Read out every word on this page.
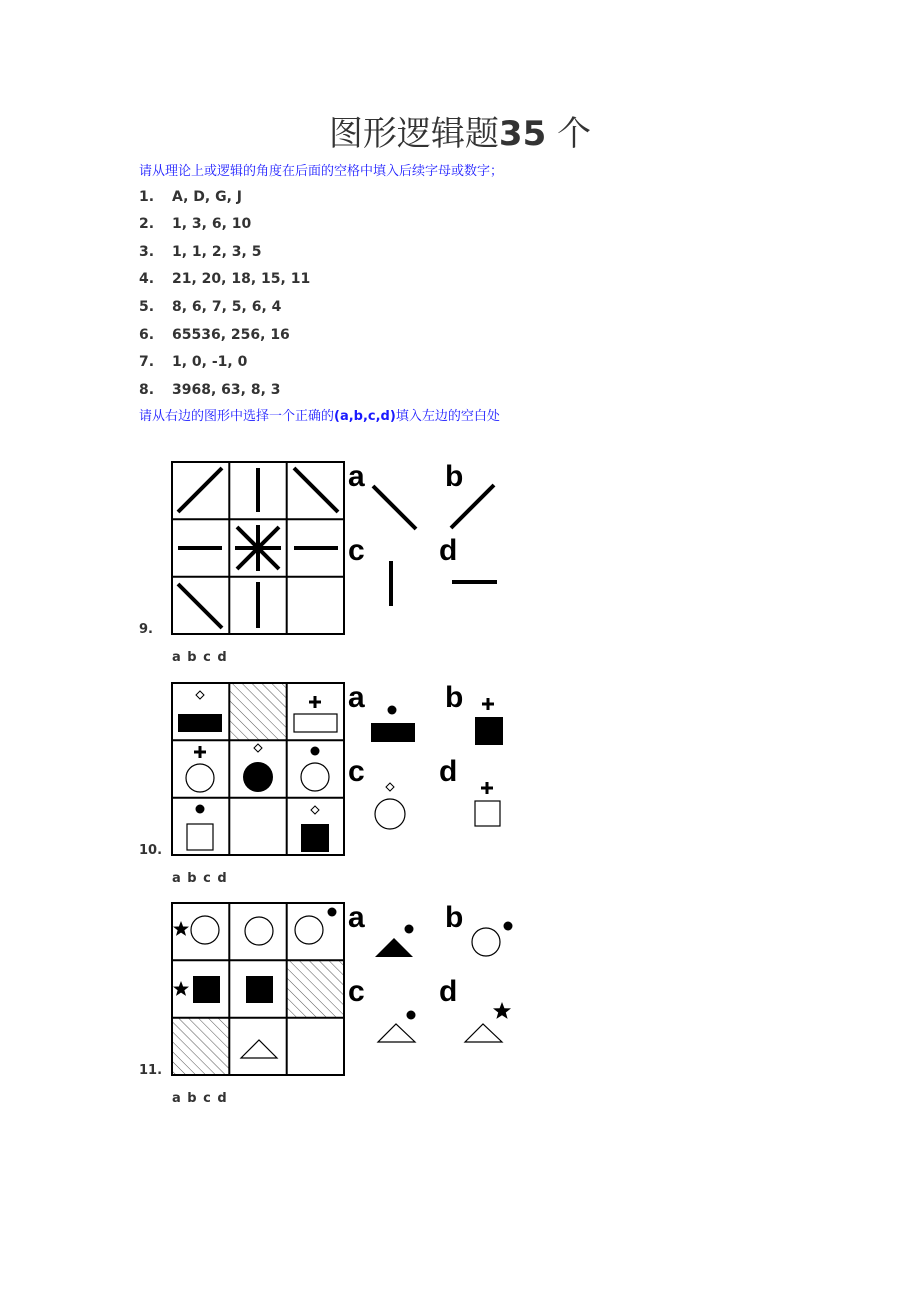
图形逻辑题35 个
请从理论上或逻辑的角度在后面的空格中填入后续字母或数字；
1. A, D, G, J
2. 1, 3, 6, 10
3. 1, 1, 2, 3, 5
4. 21, 20, 18, 15, 11
5. 8, 6, 7, 5, 6, 4
6. 65536, 256, 16
7. 1, 0, -1, 0
8. 3968, 63, 8, 3
请从右边的图形中选择一个正确的(a,b,c,d)填入左边的空白处
a	b
c d
9.
a b c d
a	b
c d
10.
a b c d
a	b
c d
11.
a b c d
